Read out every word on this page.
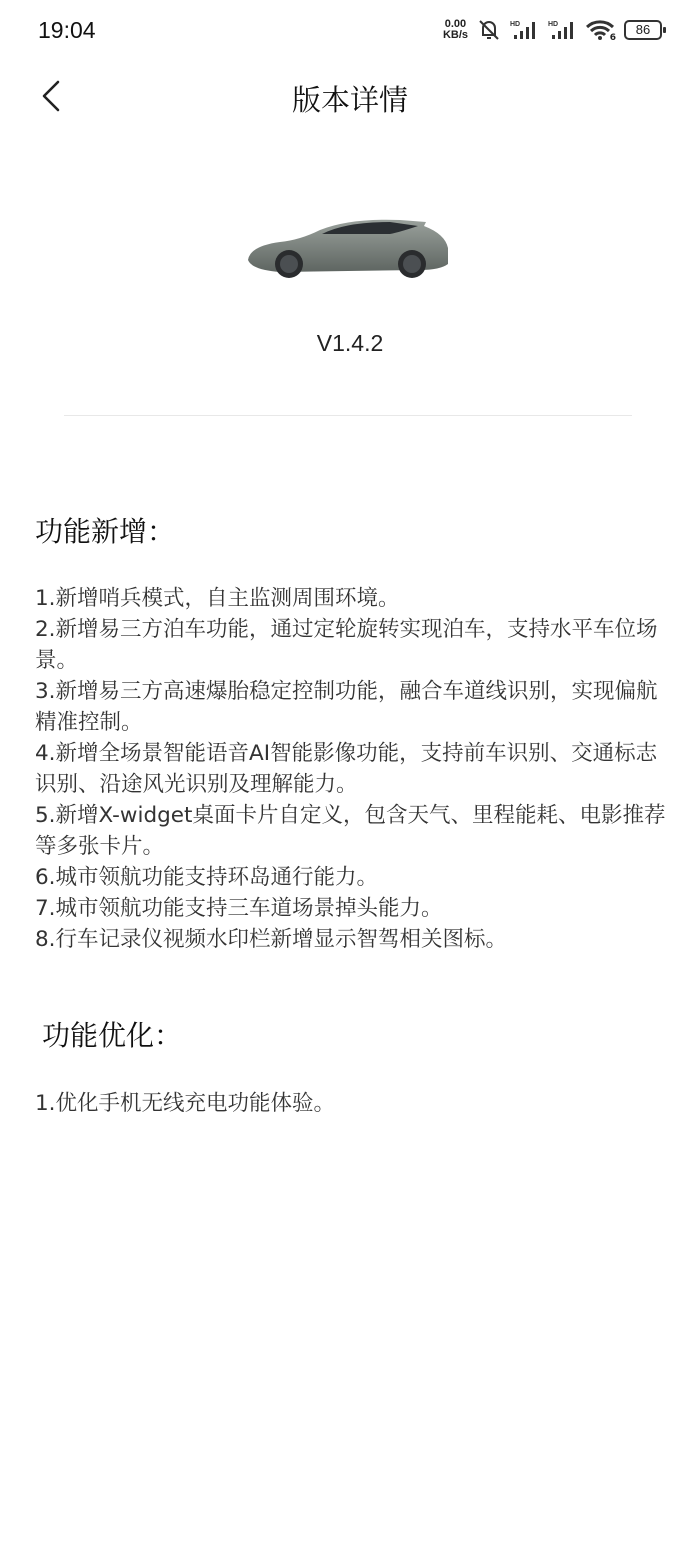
19:04	0.00
KB/s
HD	HD
6
86
版本详情
V1.4.2
功能新增：
1.新增哨兵模式，自主监测周围环境。
2.新增易三方泊车功能，通过定轮旋转实现泊车，支持水平车位场景。
3.新增易三方高速爆胎稳定控制功能，融合车道线识别，实现偏航精准控制。
4.新增全场景智能语音AI智能影像功能，支持前车识别、交通标志识别、沿途风光识别及理解能力。
5.新增X-widget桌面卡片自定义，包含天气、里程能耗、电影推荐等多张卡片。
6.城市领航功能支持环岛通行能力。
7.城市领航功能支持三车道场景掉头能力。
8.行车记录仪视频水印栏新增显示智驾相关图标。
功能优化：
1.优化手机无线充电功能体验。
